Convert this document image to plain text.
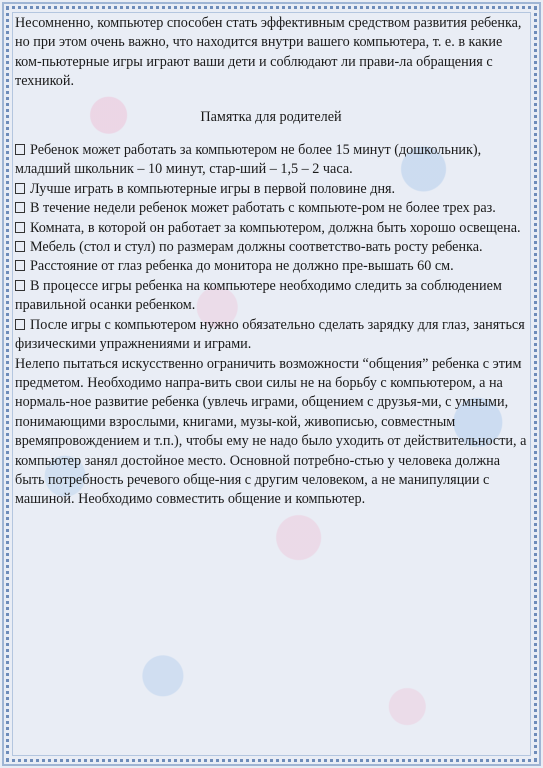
Несомненно, компьютер способен стать эффективным средством развития ребенка, но при этом очень важно, что находится внутри вашего компьютера, т. е. в какие ком-пьютерные игры играют ваши дети и соблюдают ли прави-ла обращения с техникой.

Памятка для родителей

Ребенок может работать за компьютером не более 15 минут (дошкольник), младший школьник – 10 минут, стар-ший – 1,5 – 2 часа.

Лучше играть в компьютерные игры в первой половине дня.

В течение недели ребенок может работать с компьюте-ром не более трех раз.

Комната, в которой он работает за компьютером, должна быть хорошо освещена.

Мебель (стол и стул) по размерам должны соответство-вать росту ребенка.

Расстояние от глаз ребенка до монитора не должно пре-вышать 60 см.

В процессе игры ребенка на компьютере необходимо следить за соблюдением правильной осанки ребенком.

После игры с компьютером нужно обязательно сделать зарядку для глаз, заняться физическими упражнениями и играми.

Нелепо пытаться искусственно ограничить возможности “общения” ребенка с этим предметом. Необходимо напра-вить свои силы не на борьбу с компьютером, а на нормаль-ное развитие ребенка (увлечь играми, общением с друзья-ми, с умными, понимающими взрослыми, книгами, музы-кой, живописью, совместным времяпровождением и т.п.), чтобы ему не надо было уходить от действительности, а компьютер занял достойное место. Основной потребно-стью у человека должна быть потребность речевого обще-ния с другим человеком, а не манипуляции с машиной. Необходимо совместить общение и компьютер.
